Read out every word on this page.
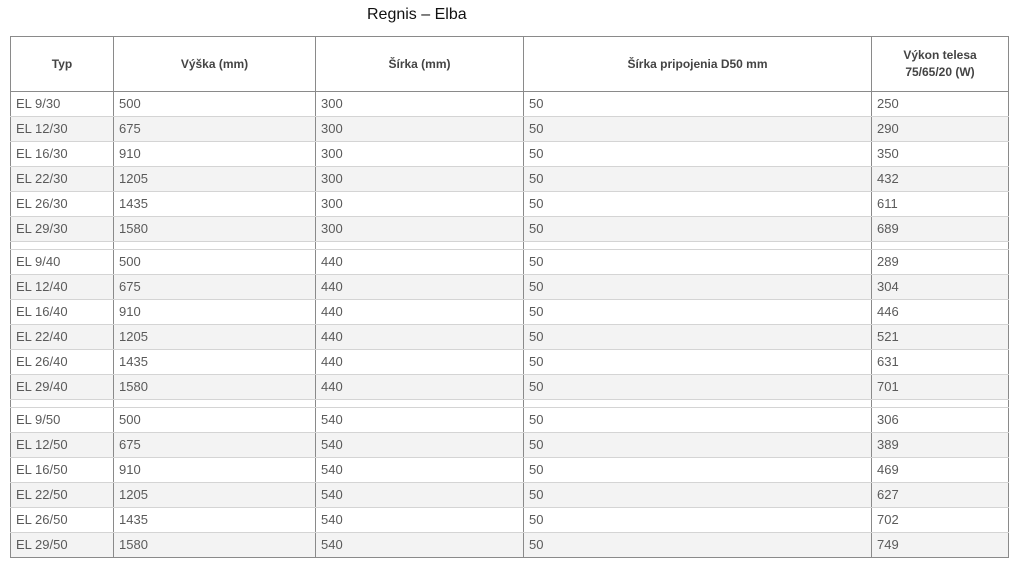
Regnis – Elba
Typ	Výška (mm)	Šírka (mm)	Šírka pripojenia D50 mm	Výkon telesa
75/65/20 (W)

EL 9/30	500	300	50	250
EL 12/30	675	300	50	290
EL 16/30	910	300	50	350
EL 22/30	1205	300	50	432
EL 26/30	1435	300	50	611
EL 29/30	1580	300	50	689

EL 9/40	500	440	50	289
EL 12/40	675	440	50	304
EL 16/40	910	440	50	446
EL 22/40	1205	440	50	521
EL 26/40	1435	440	50	631
EL 29/40	1580	440	50	701

EL 9/50	500	540	50	306
EL 12/50	675	540	50	389
EL 16/50	910	540	50	469
EL 22/50	1205	540	50	627
EL 26/50	1435	540	50	702
EL 29/50	1580	540	50	749
